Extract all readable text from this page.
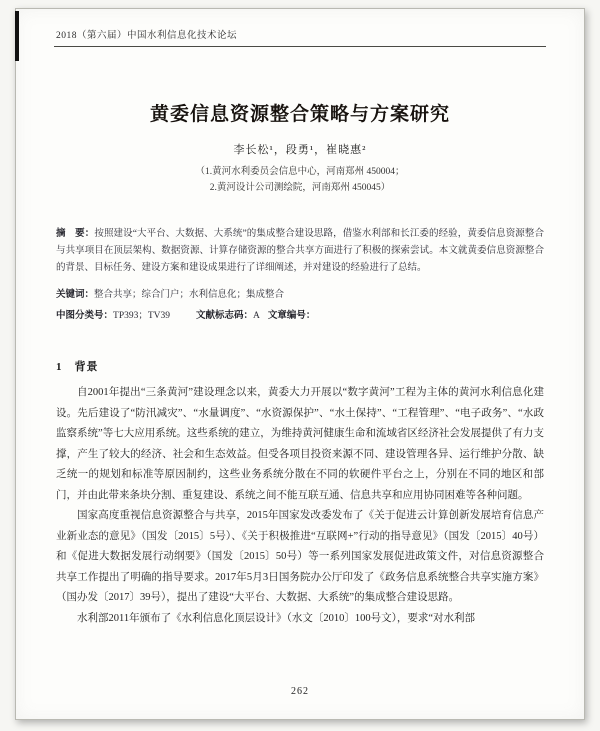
2018（第六届）中国水利信息化技术论坛
黄委信息资源整合策略与方案研究
李长松¹，段勇¹，崔晓惠²
（1.黄河水利委员会信息中心，河南郑州 450004；
2.黄河设计公司测绘院，河南郑州 450045）
摘　要：按照建设“大平台、大数据、大系统”的集成整合建设思路，借鉴水利部和长江委的经验，黄委信息资源整合与共享项目在顶层架构、数据资源、计算存储资源的整合共享方面进行了积极的探索尝试。本文就黄委信息资源整合的背景、目标任务、建设方案和建设成果进行了详细阐述，并对建设的经验进行了总结。
关键词：整合共享；综合门户；水利信息化；集成整合
中图分类号：TP393；TV39	文献标志码：A 文章编号：
1　背景

自2001年提出“三条黄河”建设理念以来，黄委大力开展以“数字黄河”工程为主体的黄河水利信息化建设。先后建设了“防汛减灾”、“水量调度”、“水资源保护”、“水土保持”、“工程管理”、“电子政务”、“水政监察系统”等七大应用系统。这些系统的建立，为维持黄河健康生命和流域省区经济社会发展提供了有力支撑，产生了较大的经济、社会和生态效益。但受各项目投资来源不同、建设管理各异、运行维护分散、缺乏统一的规划和标准等原因制约，这些业务系统分散在不同的软硬件平台之上，分别在不同的地区和部门，并由此带来条块分割、重复建设、系统之间不能互联互通、信息共享和应用协同困难等各种问题。

国家高度重视信息资源整合与共享，2015年国家发改委发布了《关于促进云计算创新发展培育信息产业新业态的意见》（国发〔2015〕5号）、《关于积极推进“互联网+”行动的指导意见》（国发〔2015〕40号）和《促进大数据发展行动纲要》（国发〔2015〕50号）等一系列国家发展促进政策文件，对信息资源整合共享工作提出了明确的指导要求。2017年5月3日国务院办公厅印发了《政务信息系统整合共享实施方案》（国办发〔2017〕39号），提出了建设“大平台、大数据、大系统”的集成整合建设思路。

水利部2011年颁布了《水利信息化顶层设计》（水文〔2010〕100号文），要求“对水利部

262
